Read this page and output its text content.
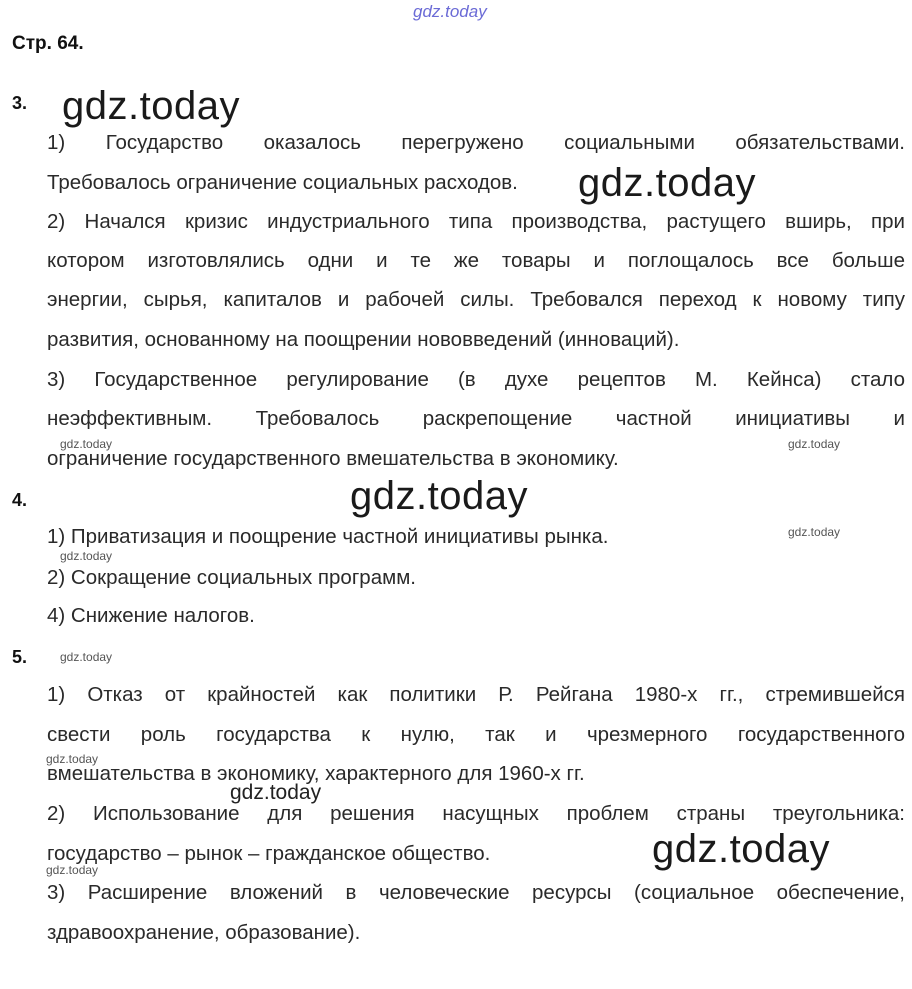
gdz.today
Стр. 64.
3.
1) Государство оказалось перегружено социальными обязательствами.
Требовалось ограничение социальных расходов.
2) Начался кризис индустриального типа производства, растущего вширь, при
котором изготовлялись одни и те же товары и поглощалось все больше
энергии, сырья, капиталов и рабочей силы. Требовался переход к новому типу
развития, основанному на поощрении нововведений (инноваций).
3) Государственное регулирование (в духе рецептов М. Кейнса) стало
неэффективным. Требовалось раскрепощение частной инициативы и
ограничение государственного вмешательства в экономику.
4.
1) Приватизация и поощрение частной инициативы рынка.
2) Сокращение социальных программ.
4) Снижение налогов.
5.
1) Отказ от крайностей как политики Р. Рейгана 1980-х гг., стремившейся
свести роль государства к нулю, так и чрезмерного государственного
вмешательства в экономику, характерного для 1960-х гг.
2) Использование для решения насущных проблем страны треугольника:
государство – рынок – гражданское общество.
3) Расширение вложений в человеческие ресурсы (социальное обеспечение,
здравоохранение, образование).
gdz.today
gdz.today
gdz.today	gdz.today
gdz.today
gdz.today
gdz.today
gdz.today
gdz.today
gdz.today
gdz.today
gdz.today
